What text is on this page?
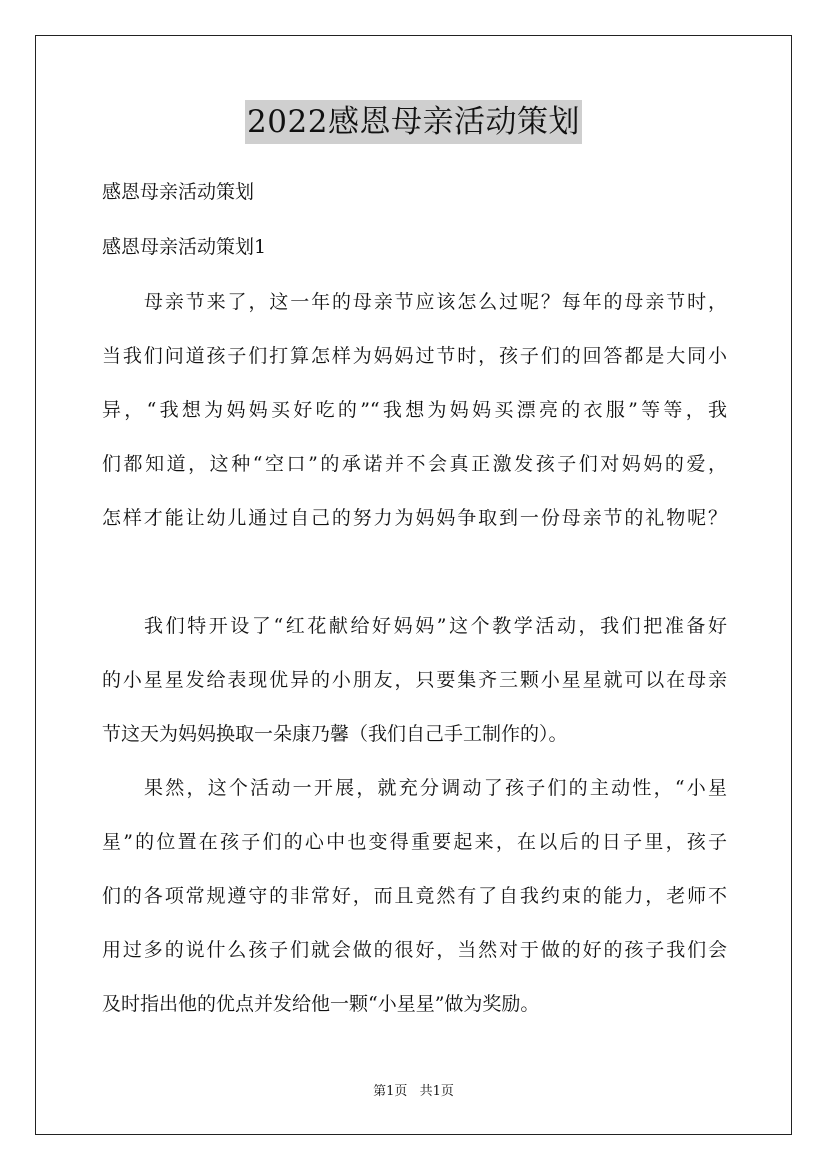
2022感恩母亲活动策划
感恩母亲活动策划
感恩母亲活动策划1
母亲节来了，这一年的母亲节应该怎么过呢？每年的母亲节时，
当我们问道孩子们打算怎样为妈妈过节时，孩子们的回答都是大同小
异，“我想为妈妈买好吃的”“我想为妈妈买漂亮的衣服”等等，我
们都知道，这种“空口”的承诺并不会真正激发孩子们对妈妈的爱，
怎样才能让幼儿通过自己的努力为妈妈争取到一份母亲节的礼物呢？
我们特开设了“红花献给好妈妈”这个教学活动，我们把准备好
的小星星发给表现优异的小朋友，只要集齐三颗小星星就可以在母亲
节这天为妈妈换取一朵康乃馨（我们自己手工制作的）。
果然，这个活动一开展，就充分调动了孩子们的主动性，“小星
星”的位置在孩子们的心中也变得重要起来，在以后的日子里，孩子
们的各项常规遵守的非常好，而且竟然有了自我约束的能力，老师不
用过多的说什么孩子们就会做的很好，当然对于做的好的孩子我们会
及时指出他的优点并发给他一颗“小星星”做为奖励。
第1页 共1页
